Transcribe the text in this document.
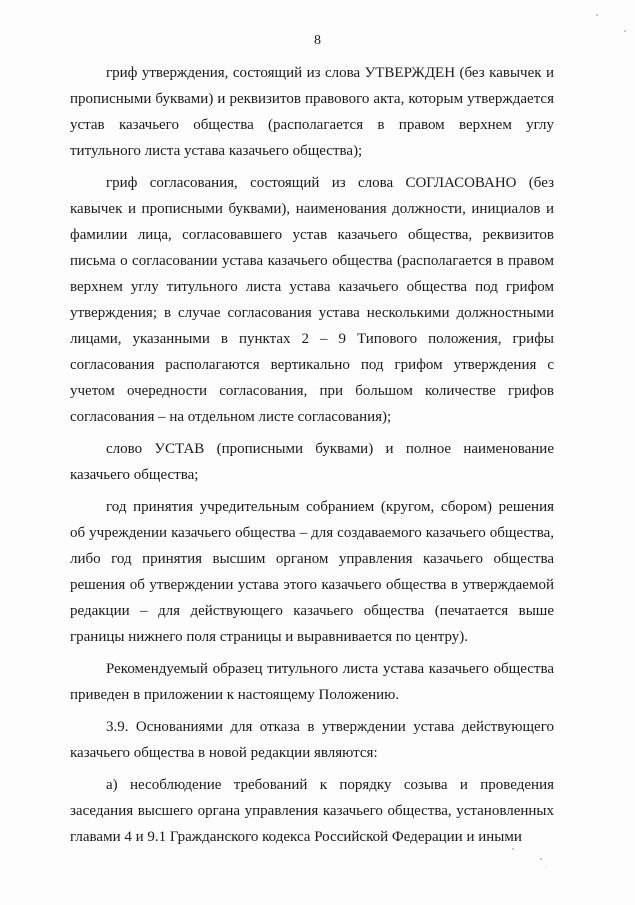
8

гриф утверждения, состоящий из слова УТВЕРЖДЕН (без кавычек и прописными буквами) и реквизитов правового акта, которым утверждается устав казачьего общества (располагается в правом верхнем углу титульного листа устава казачьего общества);

гриф согласования, состоящий из слова СОГЛАСОВАНО (без кавычек и прописными буквами), наименования должности, инициалов и фамилии лица, согласовавшего устав казачьего общества, реквизитов письма о согласовании устава казачьего общества (располагается в правом верхнем углу титульного листа устава казачьего общества под грифом утверждения; в случае согласования устава несколькими должностными лицами, указанными в пунктах 2 – 9 Типового положения, грифы согласования располагаются вертикально под грифом утверждения с учетом очередности согласования, при большом количестве грифов согласования – на отдельном листе согласования);

слово УСТАВ (прописными буквами) и полное наименование казачьего общества;

год принятия учредительным собранием (кругом, сбором) решения об учреждении казачьего общества – для создаваемого казачьего общества, либо год принятия высшим органом управления казачьего общества решения об утверждении устава этого казачьего общества в утверждаемой редакции – для действующего казачьего общества (печатается выше границы нижнего поля страницы и выравнивается по центру).

Рекомендуемый образец титульного листа устава казачьего общества приведен в приложении к настоящему Положению.

3.9. Основаниями для отказа в утверждении устава действующего казачьего общества в новой редакции являются:

а) несоблюдение требований к порядку созыва и проведения заседания высшего органа управления казачьего общества, установленных главами 4 и 9.1 Гражданского кодекса Российской Федерации и иными
